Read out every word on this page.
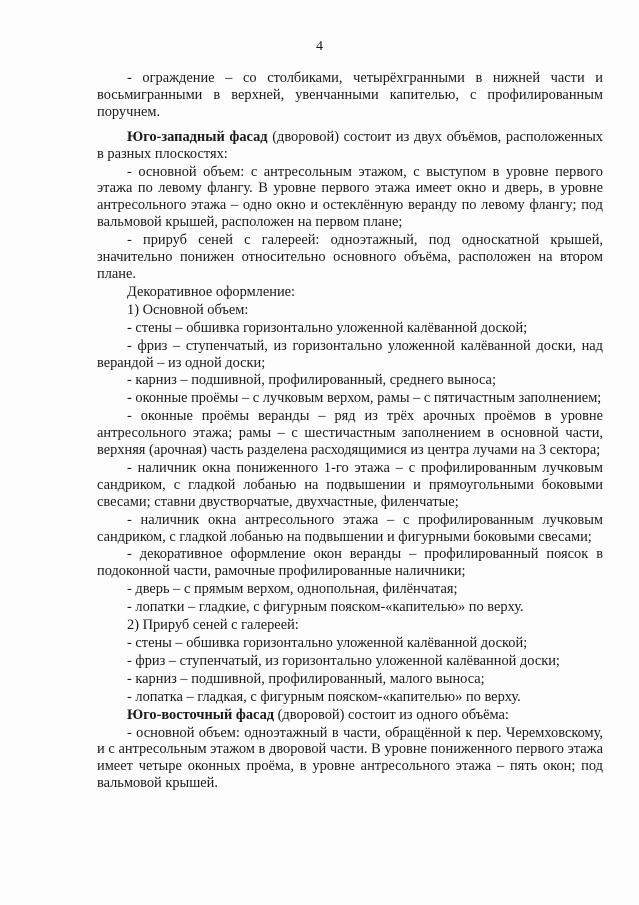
4

- ограждение – со столбиками, четырёхгранными в нижней части и восьмигранными в верхней, увенчанными капителью, с профилированным поручнем.

Юго-западный фасад (дворовой) состоит из двух объёмов, расположенных в разных плоскостях:

- основной объем: с антресольным этажом, с выступом в уровне первого этажа по левому флангу. В уровне первого этажа имеет окно и дверь, в уровне антресольного этажа – одно окно и остеклённую веранду по левому флангу; под вальмовой крышей, расположен на первом плане;

- прируб сеней с галереей: одноэтажный, под односкатной крышей, значительно понижен относительно основного объёма, расположен на втором плане.

Декоративное оформление:

1) Основной объем:

- стены – обшивка горизонтально уложенной калёванной доской;

- фриз – ступенчатый, из горизонтально уложенной калёванной доски, над верандой – из одной доски;

- карниз – подшивной, профилированный, среднего выноса;

- оконные проёмы – с лучковым верхом, рамы – с пятичастным заполнением;

- оконные проёмы веранды – ряд из трёх арочных проёмов в уровне антресольного этажа; рамы – с шестичастным заполнением в основной части, верхняя (арочная) часть разделена расходящимися из центра лучами на 3 сектора;

- наличник окна пониженного 1-го этажа – с профилированным лучковым сандриком, с гладкой лобанью на подвышении и прямоугольными боковыми свесами; ставни двустворчатые, двухчастные, филенчатые;

- наличник окна антресольного этажа – с профилированным лучковым сандриком, с гладкой лобанью на подвышении и фигурными боковыми свесами;

- декоративное оформление окон веранды – профилированный поясок в подоконной части, рамочные профилированные наличники;

- дверь – с прямым верхом, однопольная, филёнчатая;

- лопатки – гладкие, с фигурным пояском-«капителью» по верху.

2) Прируб сеней с галереей:

- стены – обшивка горизонтально уложенной калёванной доской;

- фриз – ступенчатый, из горизонтально уложенной калёванной доски;

- карниз – подшивной, профилированный, малого выноса;

- лопатка – гладкая, с фигурным пояском-«капителью» по верху.

Юго-восточный фасад (дворовой) состоит из одного объёма:

- основной объем: одноэтажный в части, обращённой к пер. Черемховскому, и с антресольным этажом в дворовой части. В уровне пониженного первого этажа имеет четыре оконных проёма, в уровне антресольного этажа – пять окон; под вальмовой крышей.
